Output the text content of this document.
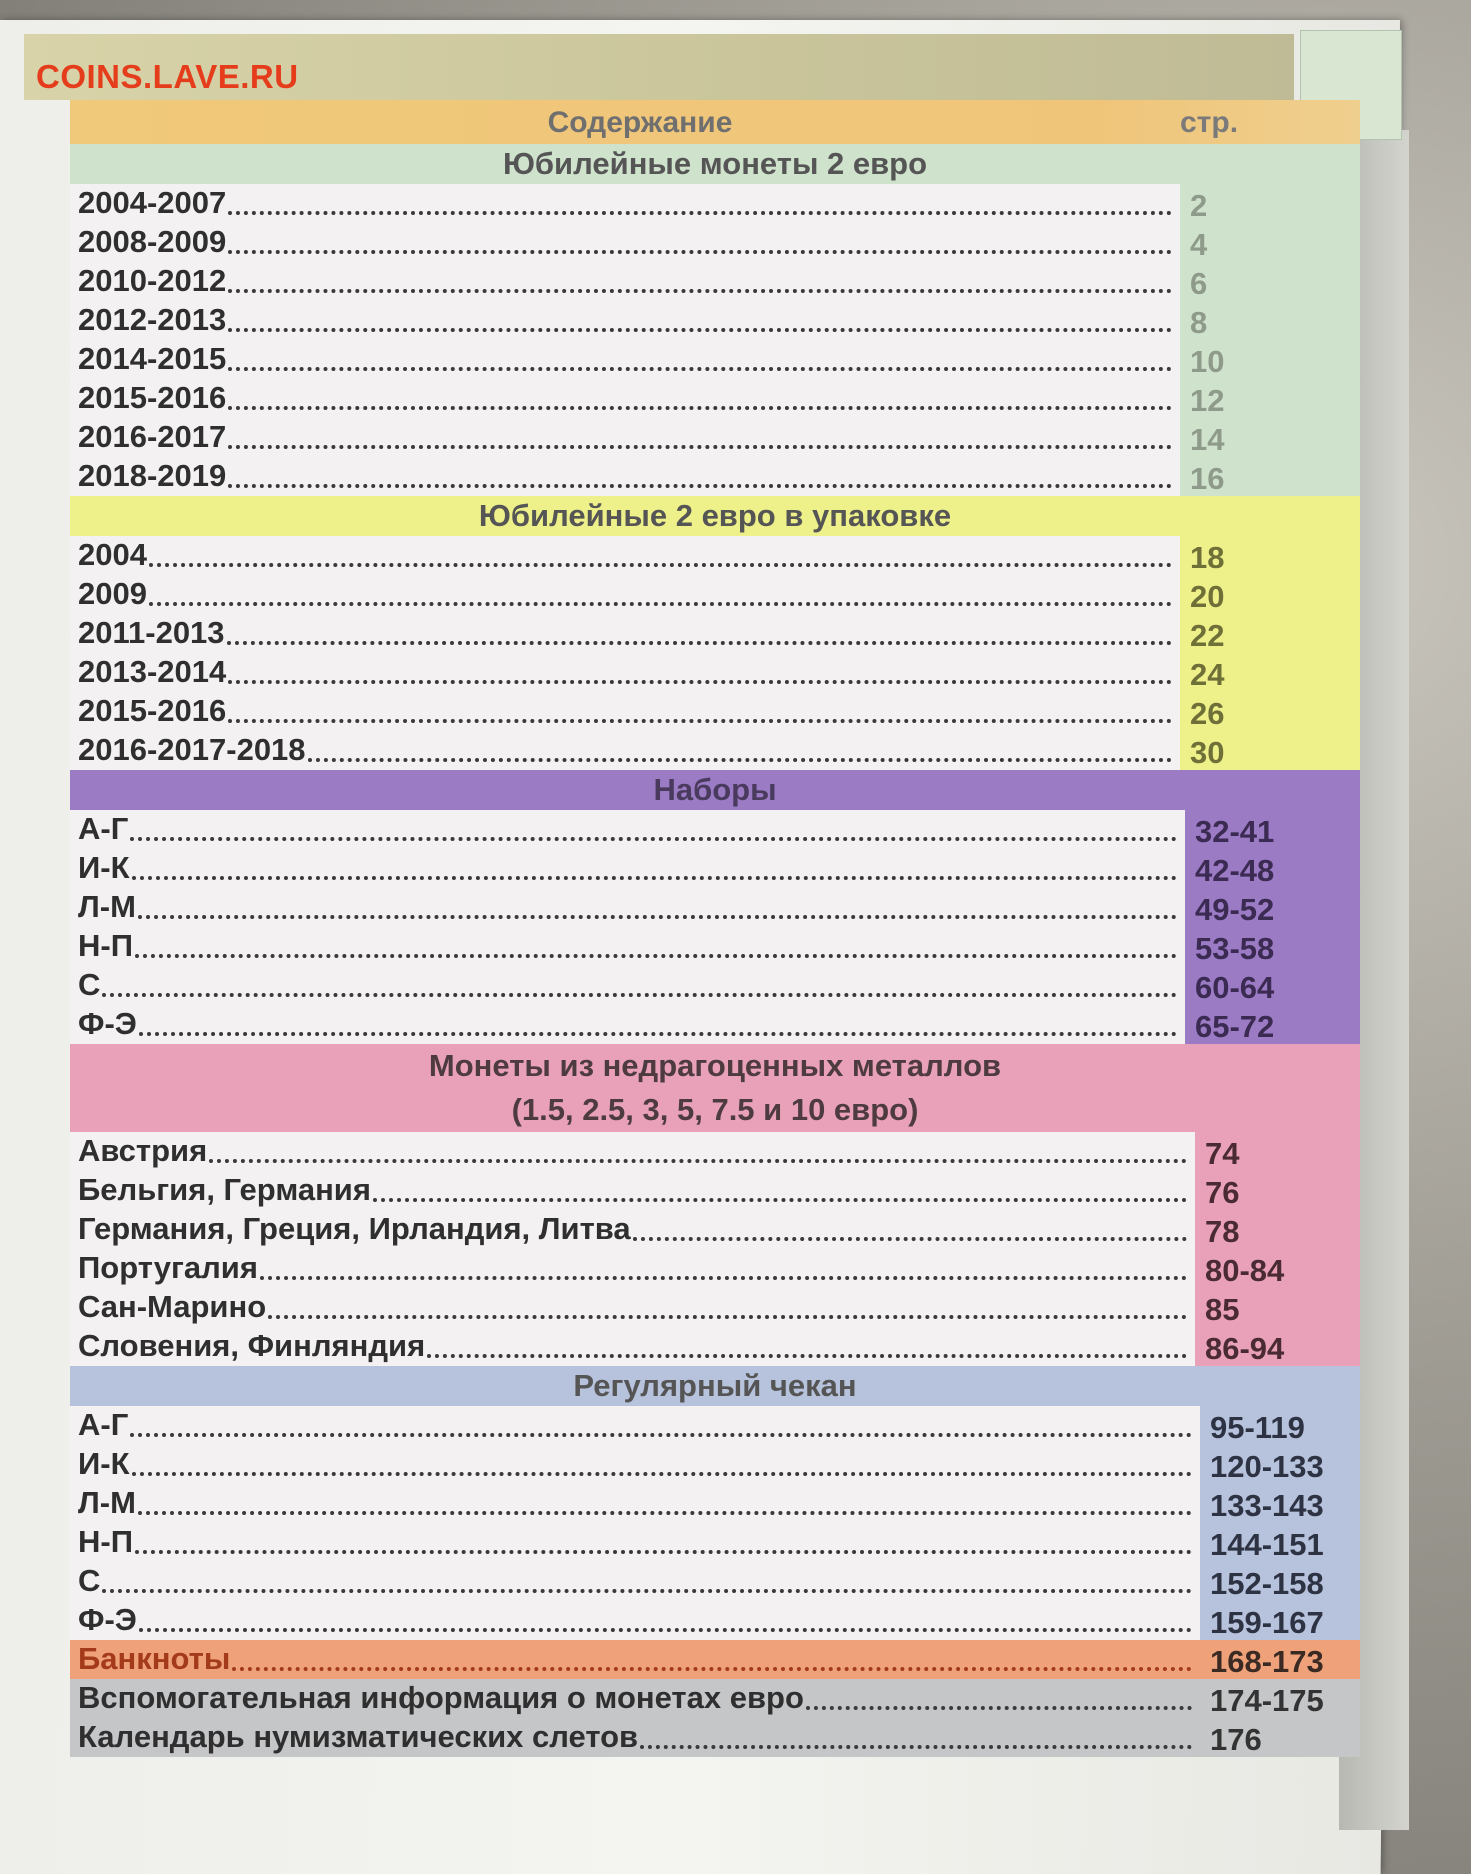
COINS.LAVE.RU
Содержание	стр.
Юбилейные монеты 2 евро
2004-2007	2
2008-2009	4
2010-2012	6
2012-2013	8
2014-2015	10
2015-2016	12
2016-2017	14
2018-2019	16
Юбилейные 2 евро в упаковке
2004	18
2009	20
2011-2013	22
2013-2014	24
2015-2016	26
2016-2017-2018	30
Наборы
А-Г	32-41
И-К	42-48
Л-М	49-52
Н-П	53-58
С	60-64
Ф-Э	65-72
Монеты из недрагоценных металлов
(1.5, 2.5, 3, 5, 7.5 и 10 евро)
Австрия	74
Бельгия, Германия	76
Германия, Греция, Ирландия, Литва	78
Португалия	80-84
Сан-Марино	85
Словения, Финляндия	86-94
Регулярный чекан
А-Г	95-119
И-К	120-133
Л-М	133-143
Н-П	144-151
С	152-158
Ф-Э	159-167
Банкноты	168-173
Вспомогательная информация о монетах евро	174-175
Календарь нумизматических слетов	176
